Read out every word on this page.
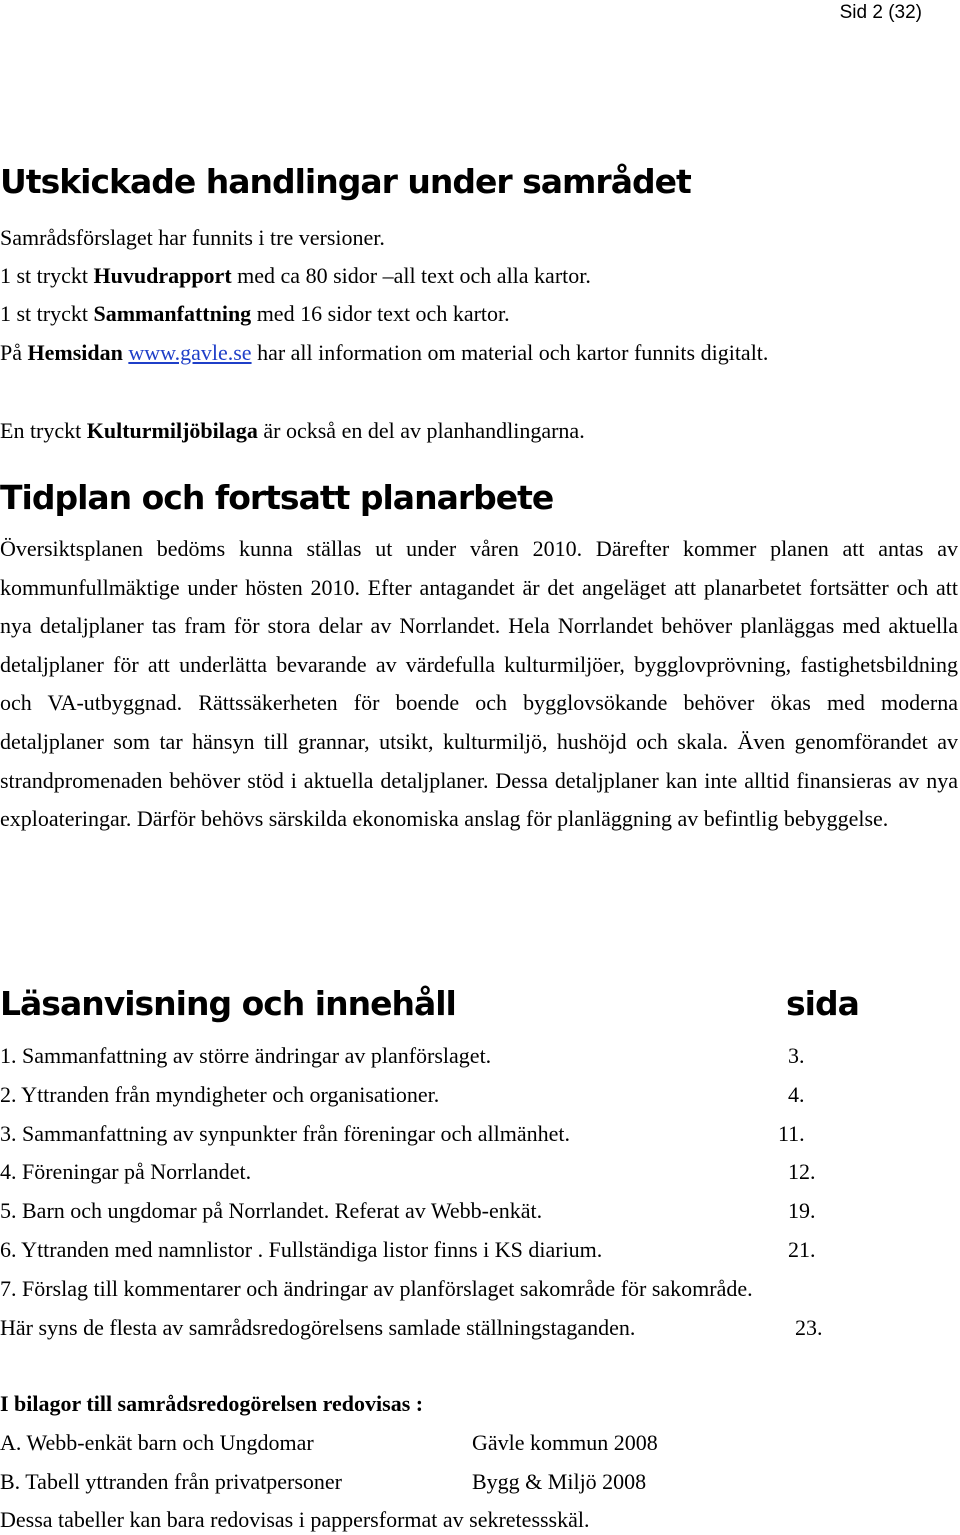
Sid 2 (32)
Utskickade handlingar under samrådet
Samrådsförslaget har funnits i tre versioner.
1 st tryckt Huvudrapport med ca 80 sidor –all text och alla kartor.
1 st tryckt Sammanfattning med 16 sidor text och kartor.
På Hemsidan www.gavle.se har all information om material och kartor funnits digitalt.
En tryckt Kulturmiljöbilaga är också en del av planhandlingarna.
Tidplan och fortsatt planarbete
Översiktsplanen bedöms kunna ställas ut under våren 2010. Därefter kommer planen att antas av kommunfullmäktige under hösten 2010. Efter antagandet är det angeläget att planarbetet fortsätter och att nya detaljplaner tas fram för stora delar av Norrlandet. Hela Norrlandet behöver planläggas med aktuella detaljplaner för att underlätta bevarande av värdefulla kulturmiljöer, bygglovprövning, fastighetsbildning och VA-utbyggnad. Rättssäkerheten för boende och bygglovsökande behöver ökas med moderna detaljplaner som tar hänsyn till grannar, utsikt, kulturmiljö, hushöjd och skala. Även genomförandet av strandpromenaden behöver stöd i aktuella detaljplaner. Dessa detaljplaner kan inte alltid finansieras av nya exploateringar. Därför behövs särskilda ekonomiska anslag för planläggning av befintlig bebyggelse.
Läsanvisning och innehåll	sida
1. Sammanfattning av större ändringar av planförslaget.	3.
2. Yttranden från myndigheter och organisationer.	4.
3. Sammanfattning av synpunkter från föreningar och allmänhet.	11.
4. Föreningar på Norrlandet.	12.
5. Barn och ungdomar på Norrlandet. Referat av Webb-enkät.	19.
6. Yttranden med namnlistor . Fullständiga listor finns i KS diarium.	21.
7. Förslag till kommentarer och ändringar av planförslaget sakområde för sakområde.
Här syns de flesta av samrådsredogörelsens samlade ställningstaganden.	23.
I bilagor till samrådsredogörelsen redovisas :
A. Webb-enkät barn och Ungdomar	Gävle kommun 2008
B. Tabell yttranden från privatpersoner	Bygg & Miljö 2008
Dessa tabeller kan bara redovisas i pappersformat av sekretessskäl.
